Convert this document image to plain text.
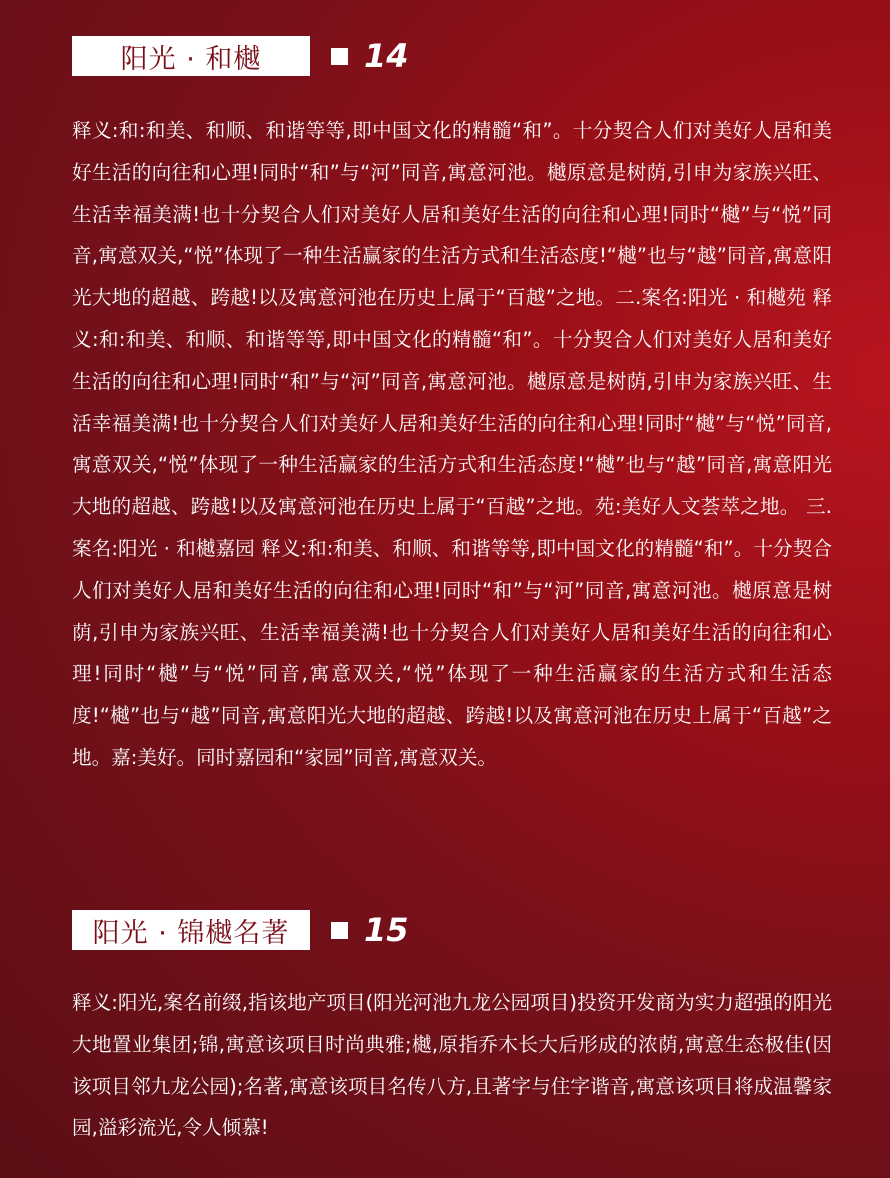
阳光 · 和樾	14

释义:和:和美、和顺、和谐等等,即中国文化的精髓“和”。十分契合人们对美好人居和美好生活的向往和心理!同时“和”与“河”同音,寓意河池。樾原意是树荫,引申为家族兴旺、生活幸福美满!也十分契合人们对美好人居和美好生活的向往和心理!同时“樾”与“悦”同音,寓意双关,“悦”体现了一种生活赢家的生活方式和生活态度!“樾”也与“越”同音,寓意阳光大地的超越、跨越!以及寓意河池在历史上属于“百越”之地。二.案名:阳光 · 和樾苑 释义:和:和美、和顺、和谐等等,即中国文化的精髓“和”。十分契合人们对美好人居和美好生活的向往和心理!同时“和”与“河”同音,寓意河池。樾原意是树荫,引申为家族兴旺、生活幸福美满!也十分契合人们对美好人居和美好生活的向往和心理!同时“樾”与“悦”同音,寓意双关,“悦”体现了一种生活赢家的生活方式和生活态度!“樾”也与“越”同音,寓意阳光大地的超越、跨越!以及寓意河池在历史上属于“百越”之地。苑:美好人文荟萃之地。 三.案名:阳光 · 和樾嘉园 释义:和:和美、和顺、和谐等等,即中国文化的精髓“和”。十分契合人们对美好人居和美好生活的向往和心理!同时“和”与“河”同音,寓意河池。樾原意是树荫,引申为家族兴旺、生活幸福美满!也十分契合人们对美好人居和美好生活的向往和心理!同时“樾”与“悦”同音,寓意双关,“悦”体现了一种生活赢家的生活方式和生活态度!“樾”也与“越”同音,寓意阳光大地的超越、跨越!以及寓意河池在历史上属于“百越”之地。嘉:美好。同时嘉园和“家园”同音,寓意双关。

阳光 · 锦樾名著	15

释义:阳光,案名前缀,指该地产项目(阳光河池九龙公园项目)投资开发商为实力超强的阳光大地置业集团;锦,寓意该项目时尚典雅;樾,原指乔木长大后形成的浓荫,寓意生态极佳(因该项目邻九龙公园);名著,寓意该项目名传八方,且著字与住字谐音,寓意该项目将成温馨家园,溢彩流光,令人倾慕!
